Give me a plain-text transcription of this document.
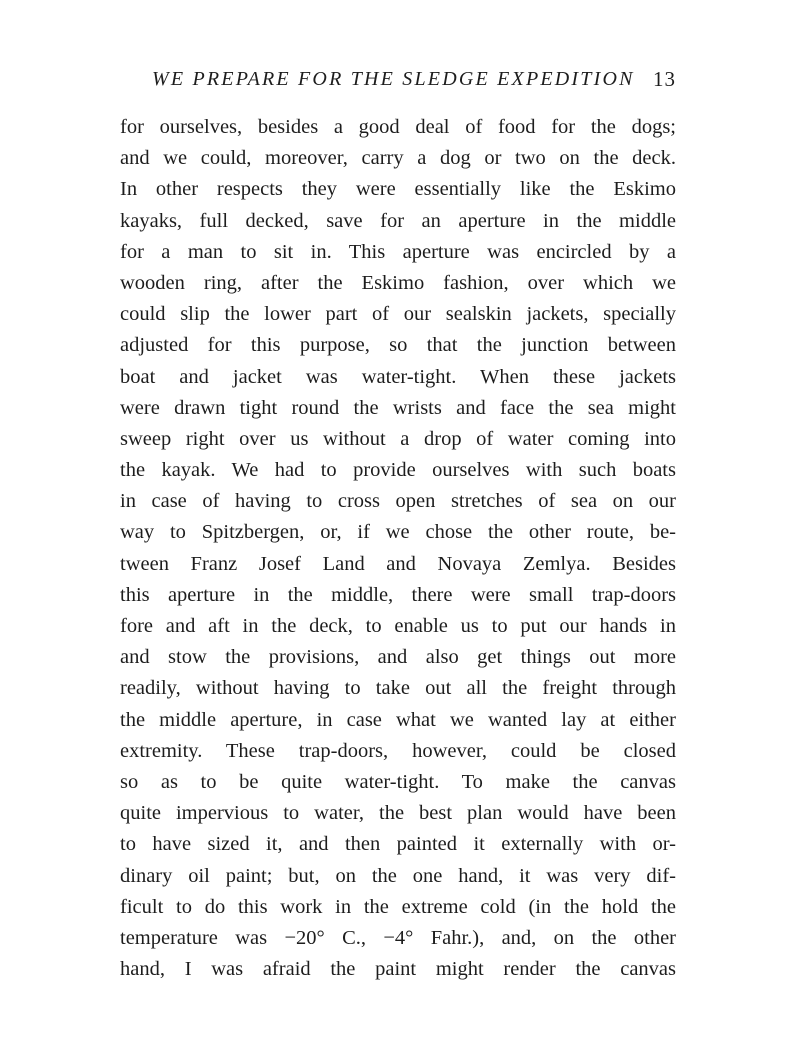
WE PREPARE FOR THE SLEDGE EXPEDITION 13
for ourselves, besides a good deal of food for the dogs;
and we could, moreover, carry a dog or two on the deck.
In other respects they were essentially like the Eskimo
kayaks, full decked, save for an aperture in the middle
for a man to sit in. This aperture was encircled by a
wooden ring, after the Eskimo fashion, over which we
could slip the lower part of our sealskin jackets, specially
adjusted for this purpose, so that the junction between
boat and jacket was water-tight. When these jackets
were drawn tight round the wrists and face the sea might
sweep right over us without a drop of water coming into
the kayak. We had to provide ourselves with such boats
in case of having to cross open stretches of sea on our
way to Spitzbergen, or, if we chose the other route, be-
tween Franz Josef Land and Novaya Zemlya. Besides
this aperture in the middle, there were small trap-doors
fore and aft in the deck, to enable us to put our hands in
and stow the provisions, and also get things out more
readily, without having to take out all the freight through
the middle aperture, in case what we wanted lay at either
extremity. These trap-doors, however, could be closed
so as to be quite water-tight. To make the canvas
quite impervious to water, the best plan would have been
to have sized it, and then painted it externally with or-
dinary oil paint; but, on the one hand, it was very dif-
ficult to do this work in the extreme cold (in the hold the
temperature was −20° C., −4° Fahr.), and, on the other
hand, I was afraid the paint might render the canvas
